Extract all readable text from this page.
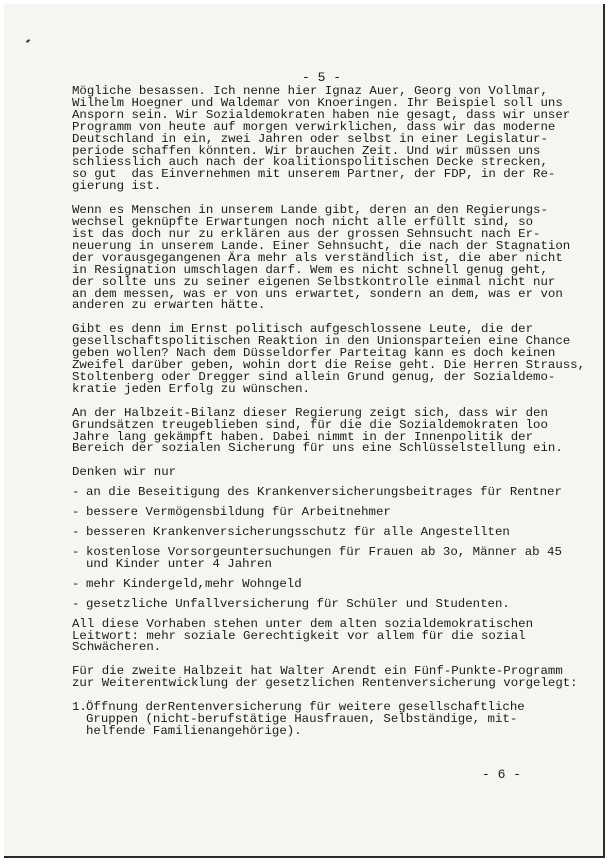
- 5 -
Mögliche besassen. Ich nenne hier Ignaz Auer, Georg von Vollmar,
Wilhelm Hoegner und Waldemar von Knoeringen. Ihr Beispiel soll uns
Ansporn sein. Wir Sozialdemokraten haben nie gesagt, dass wir unser
Programm von heute auf morgen verwirklichen, dass wir das moderne
Deutschland in ein, zwei Jahren oder selbst in einer Legislatur-
periode schaffen könnten. Wir brauchen Zeit. Und wir müssen uns
schliesslich auch nach der koalitionspolitischen Decke strecken,
so gut  das Einvernehmen mit unserem Partner, der FDP, in der Re-
gierung ist.
Wenn es Menschen in unserem Lande gibt, deren an den Regierungs-
wechsel geknüpfte Erwartungen noch nicht alle erfüllt sind, so
ist das doch nur zu erklären aus der grossen Sehnsucht nach Er-
neuerung in unserem Lande. Einer Sehnsucht, die nach der Stagnation
der vorausgegangenen Ära mehr als verständlich ist, die aber nicht
in Resignation umschlagen darf. Wem es nicht schnell genug geht,
der sollte uns zu seiner eigenen Selbstkontrolle einmal nicht nur
an dem messen, was er von uns erwartet, sondern an dem, was er von
anderen zu erwarten hätte.
Gibt es denn im Ernst politisch aufgeschlossene Leute, die der
gesellschaftspolitischen Reaktion in den Unionsparteien eine Chance
geben wollen? Nach dem Düsseldorfer Parteitag kann es doch keinen
Zweifel darüber geben, wohin dort die Reise geht. Die Herren Strauss,
Stoltenberg oder Dregger sind allein Grund genug, der Sozialdemo-
kratie jeden Erfolg zu wünschen.
An der Halbzeit-Bilanz dieser Regierung zeigt sich, dass wir den
Grundsätzen treugeblieben sind, für die die Sozialdemokraten loo
Jahre lang gekämpft haben. Dabei nimmt in der Innenpolitik der
Bereich der sozialen Sicherung für uns eine Schlüsselstellung ein.
Denken wir nur
- an die Beseitigung des Krankenversicherungsbeitrages für Rentner
- bessere Vermögensbildung für Arbeitnehmer
- besseren Krankenversicherungsschutz für alle Angestellten
- kostenlose Vorsorgeuntersuchungen für Frauen ab 3o, Männer ab 45
und Kinder unter 4 Jahren
- mehr Kindergeld,mehr Wohngeld
- gesetzliche Unfallversicherung für Schüler und Studenten.
All diese Vorhaben stehen unter dem alten sozialdemokratischen
Leitwort: mehr soziale Gerechtigkeit vor allem für die sozial
Schwächeren.
Für die zweite Halbzeit hat Walter Arendt ein Fünf-Punkte-Programm
zur Weiterentwicklung der gesetzlichen Rentenversicherung vorgelegt:
1. Öffnung derRentenversicherung für weitere gesellschaftliche
Gruppen (nicht-berufstätige Hausfrauen, Selbständige, mit-
helfende Familienangehörige).
- 6 -
